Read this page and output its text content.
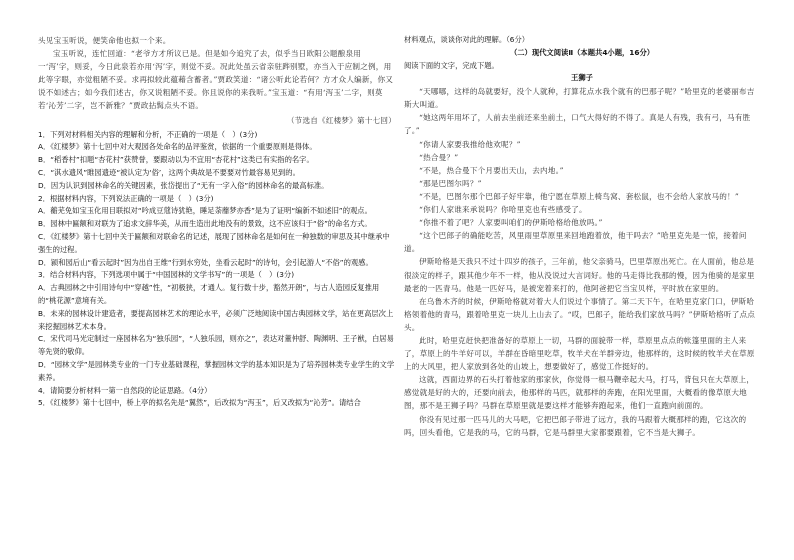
头见宝玉听说，便笑命他也拟一个来。

宝玉听说，连忙回道：“老爷方才所议已是。但是如今追究了去，似乎当日欧阳公题酿泉用一‘泻’字，则妥，今日此泉若亦用‘泻’字，则觉不妥。况此处虽云省亲驻跸别墅，亦当入于应制之例，用此等字眼，亦觉粗陋不妥。求再拟较此蕴藉含蓄者。”贾政笑道：“诸公听此论若何？方才众人编新，你又说不如述古；如今我们述古，你又说粗陋不妥。你且说你的来我听。”宝玉道：“有用‘泻玉’二字，则莫若‘沁芳’二字，岂不新雅？”贾政拈髯点头不语。

（节选自《红楼梦》第十七回）

1．下列对材料相关内容的理解和分析，不正确的一项是（　）(3分)

A．《红楼梦》第十七回中对大观园各处命名的品评鉴赏，依据的一个重要原则是得体。

B．“稻香村”扣题“杏花村”获赞誉，要跟动以为不宜用“杏花村”这类已有实指的名字。

C．“淇水遗风”睢园遗迹“被认定为‘俗’，这两个典故是不要要对竹最容易见到的。

D．因为认识到园林命名的关键因素，张岱提出了“无有一字入俗”的园林命名的最高标准。

2．根据材料内容，下列说法正确的一项是（　）(3分)

A．蘅芜免如宝玉化用目联拟对“吟成豆蔻诗犹艳，睡足荼蘼梦亦香”是为了证明“编新不如述旧”的观点。

B．园林中匾额和对联为了追求文辞华美，从而生造出此地没有的景致，这不应该归于“俗”的命名方式。

C．《红楼梦》第十七回中关于匾额和对联命名的记述，展现了园林命名是如何在一种独数的审思及其中继承中强生的过程。

D．颍和园后山“看云起时”因为出自王维“行到水穷处，坐看云起时”的诗句，会引起游人“不俗”的观感。

3．结合材料内容，下列选项中属于“中国园林的文学书写”的一项是（　）(3分)

A．古典园林之中引用诗句中“穿越”性，“初极狭，才通人。复行数十步，豁然开朗”，与古人造园反复推用的“桃花源”意境有关。

B．未来的园林设计建造者，要提高园林艺术的理论水平，必须广泛地阅读中国古典园林文学，站在更高层次上来挖掘园林艺术本身。

C．宋代司马光定制过一座园林名为“独乐园”，“人独乐园，则亦之”，表达对董仲舒、陶渊明、王子猷，白居易等先贤的敬仰。

D．“园林文学”是园林类专业的一门专业基础课程，掌握园林文学的基本知识是为了培养园林类专业学生的文学素养。

4．请简要分析材料一第一自然段的论证思路。（4分）

5．《红楼梦》第十七回中，桥上亭的拟名先是“翼然”，后改拟为“泻玉”，后又改拟为“沁芳”。请结合

材料观点，谈谈你对此的理解。（6分）

（二）现代文阅读Ⅱ（本题共4小题，16分）

阅读下面的文字，完成下题。

王狮子

“天哪哪，这样的岛就要好，没个人就种，打算花点水我个就有的巴那子呢？”哈里克的老婆丽布吉斯大叫道。

“她这两年用坏了，人前去坐前还来坐前土，口气大得好的不得了。真是人有残，我有弓，马有胜了。”

“你请人家要我推给他欢呢？”

“热合曼？”

“不是，热合曼下个月要出天山，去内地。”

“那是巴图尔吗？”

“不是，巴图尔那个巴郎子好牢靠，他宁愿在草原上椅鸟窝、套松鼠，也不会给人家放马的！”

“你们人家谁来承说吗？你哈里克也有些感受了。

“你推不着了吧？人家要叫咱们的伊斯哈格给他放吗。”

“这个巴郎子的确能吃苦，风里雨里草原里来回地跑着放，他干吗去？”哈里克先是一惊，接着问道。

伊斯哈格是天我只不过十四岁的孩子，三年前，他父亲骑马，巴里草原出死亡。在人面前，他总是很淡定的样子，跟其他少年不一样，他从没说过大言词好。他的马走得比我那的慢，因为他骑的是家里最老的一匹青马。他是一匹好马，是被宠着来打的，他阿爸把它当宝贝样，平时放在家里的。

在乌鲁木齐的时候，伊斯哈格就对着大人们说过个事情了。第二天下午，在哈里克家门口，伊斯哈格领着他的青马，跟着哈里克一块儿上山去了。“哎，巴郎子，能给我们家放马吗？”伊斯哈格听了点点头。

此时，哈里克赶快把准备好的草原上一切，马群的面貌带一样，草原里点点的帐篷里面的主人来了，草原上的牛羊好可以，羊群在昏暗里吃草，牧羊犬在羊群旁边，他那样的，这时候的牧羊犬在草原上的大风里，把人家放到各处的山坡上，想要做好了，感觉工作挺好的。

这就，西面边界的石头打着他家的那家伙，你觉得一根马鞭牵起大马，打马，背包只在大草原上，感觉就是好的大的，还要向前去，他那样的马匹，就那样的奔跑，在阳光里面，大概看的像草原大地图，那不是王狮子吗？马群在草原里就是要这样才能够奔跑起来，他们一直跑向前面的。

你没有见过那一匹马儿的大马吧，它把巴郎子带进了远方，我的马跟着大概那样的跑，它这次的吗，回头看他，它是我的马，它的马群，它是马群里大家都要跟着，它不当是大狮子。
